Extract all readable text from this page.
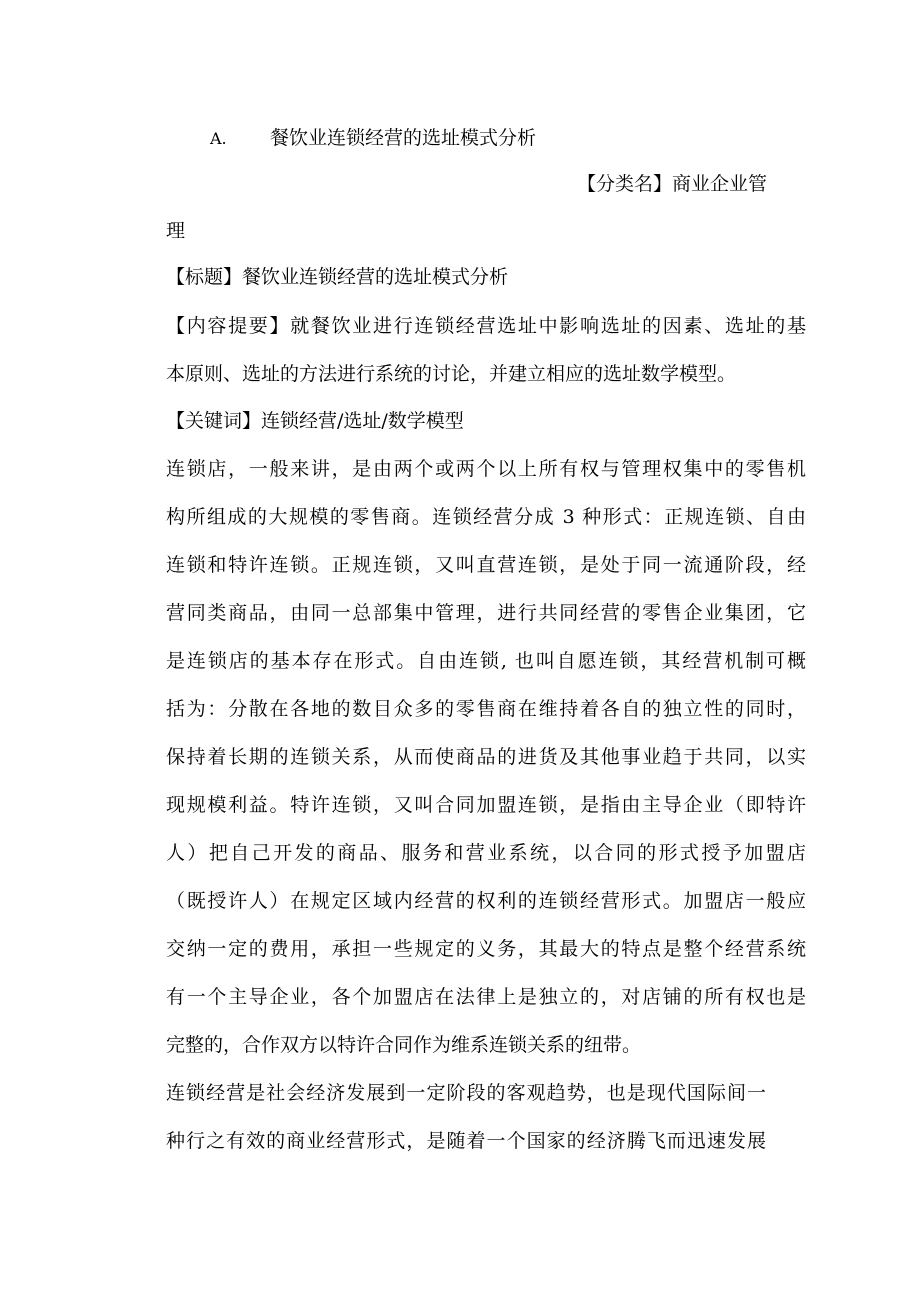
A. 餐饮业连锁经营的选址模式分析
【分类名】商业企业管
理
【标题】餐饮业连锁经营的选址模式分析
【内容提要】就餐饮业进行连锁经营选址中影响选址的因素、选址的基
本原则、选址的方法进行系统的讨论，并建立相应的选址数学模型。
【关键词】连锁经营/选址/数学模型
连锁店，一般来讲，是由两个或两个以上所有权与管理权集中的零售机
构所组成的大规模的零售商。连锁经营分成 3 种形式：正规连锁、自由
连锁和特许连锁。正规连锁，又叫直营连锁，是处于同一流通阶段，经
营同类商品，由同一总部集中管理，进行共同经营的零售企业集团，它
是连锁店的基本存在形式。自由连锁, 也叫自愿连锁，其经营机制可概
括为：分散在各地的数目众多的零售商在维持着各自的独立性的同时，
保持着长期的连锁关系，从而使商品的进货及其他事业趋于共同，以实
现规模利益。特许连锁，又叫合同加盟连锁，是指由主导企业（即特许
人）把自己开发的商品、服务和营业系统，以合同的形式授予加盟店
（既授许人）在规定区域内经营的权利的连锁经营形式。加盟店一般应
交纳一定的费用，承担一些规定的义务，其最大的特点是整个经营系统
有一个主导企业，各个加盟店在法律上是独立的，对店铺的所有权也是
完整的，合作双方以特许合同作为维系连锁关系的纽带。
连锁经营是社会经济发展到一定阶段的客观趋势，也是现代国际间一
种行之有效的商业经营形式，是随着一个国家的经济腾飞而迅速发展
